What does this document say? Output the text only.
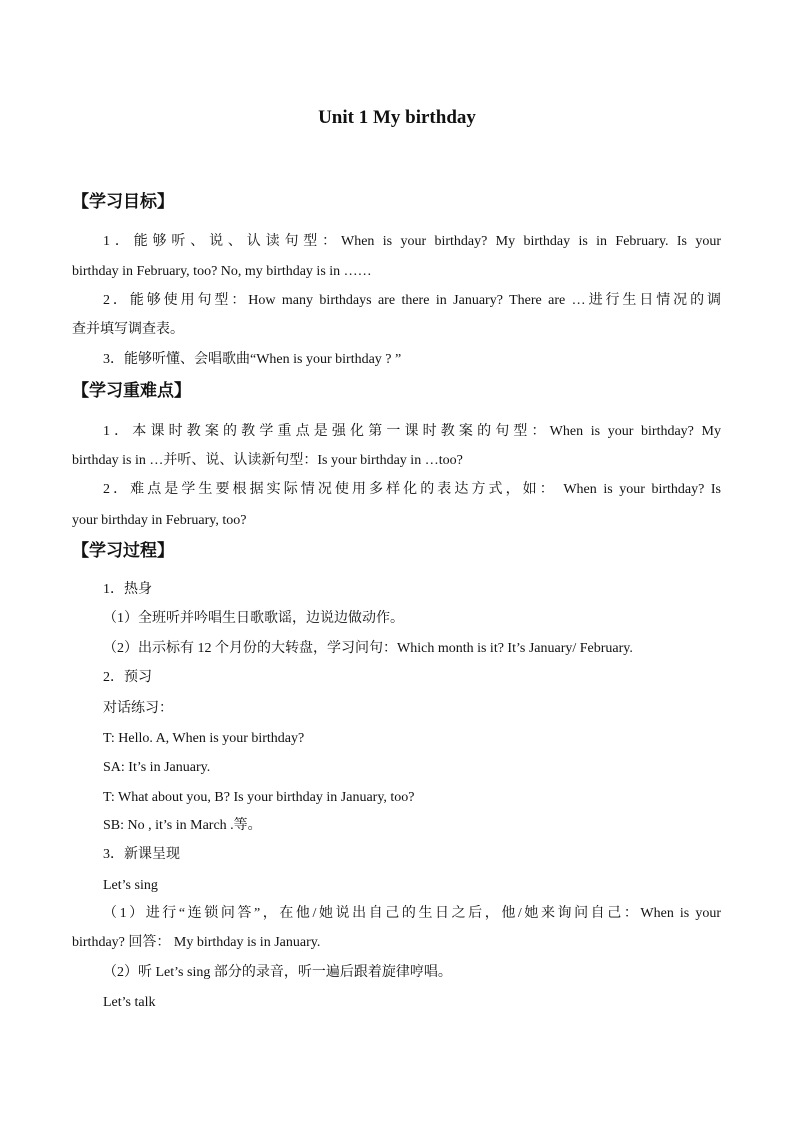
Unit 1 My birthday
【学习目标】
1．能够听、说、认读句型：When is your birthday? My birthday is in February. Is your
birthday in February, too? No, my birthday is in ……
2．能够使用句型：How many birthdays are there in January? There are …进行生日情况的调
查并填写调查表。
3．能够听懂、会唱歌曲“When is your birthday ? ”
【学习重难点】
1．本课时教案的教学重点是强化第一课时教案的句型：When is your birthday? My
birthday is in …并听、说、认读新句型：Is your birthday in …too?
2．难点是学生要根据实际情况使用多样化的表达方式，如： When is your birthday? Is
your birthday in February, too?
【学习过程】
1．热身
（1）全班听并吟唱生日歌歌谣，边说边做动作。
（2）出示标有 12 个月份的大转盘，学习问句：Which month is it? It’s January/ February.
2．预习
对话练习：
T: Hello. A, When is your birthday?
SA: It’s in January.
T: What about you, B? Is your birthday in January, too?
SB: No , it’s in March .等。
3．新课呈现
Let’s sing
（1）进行“连锁问答”，在他/她说出自己的生日之后，他/她来询问自己：When is your
birthday? 回答： My birthday is in January.
（2）听 Let’s sing 部分的录音，听一遍后跟着旋律哼唱。
Let’s talk
